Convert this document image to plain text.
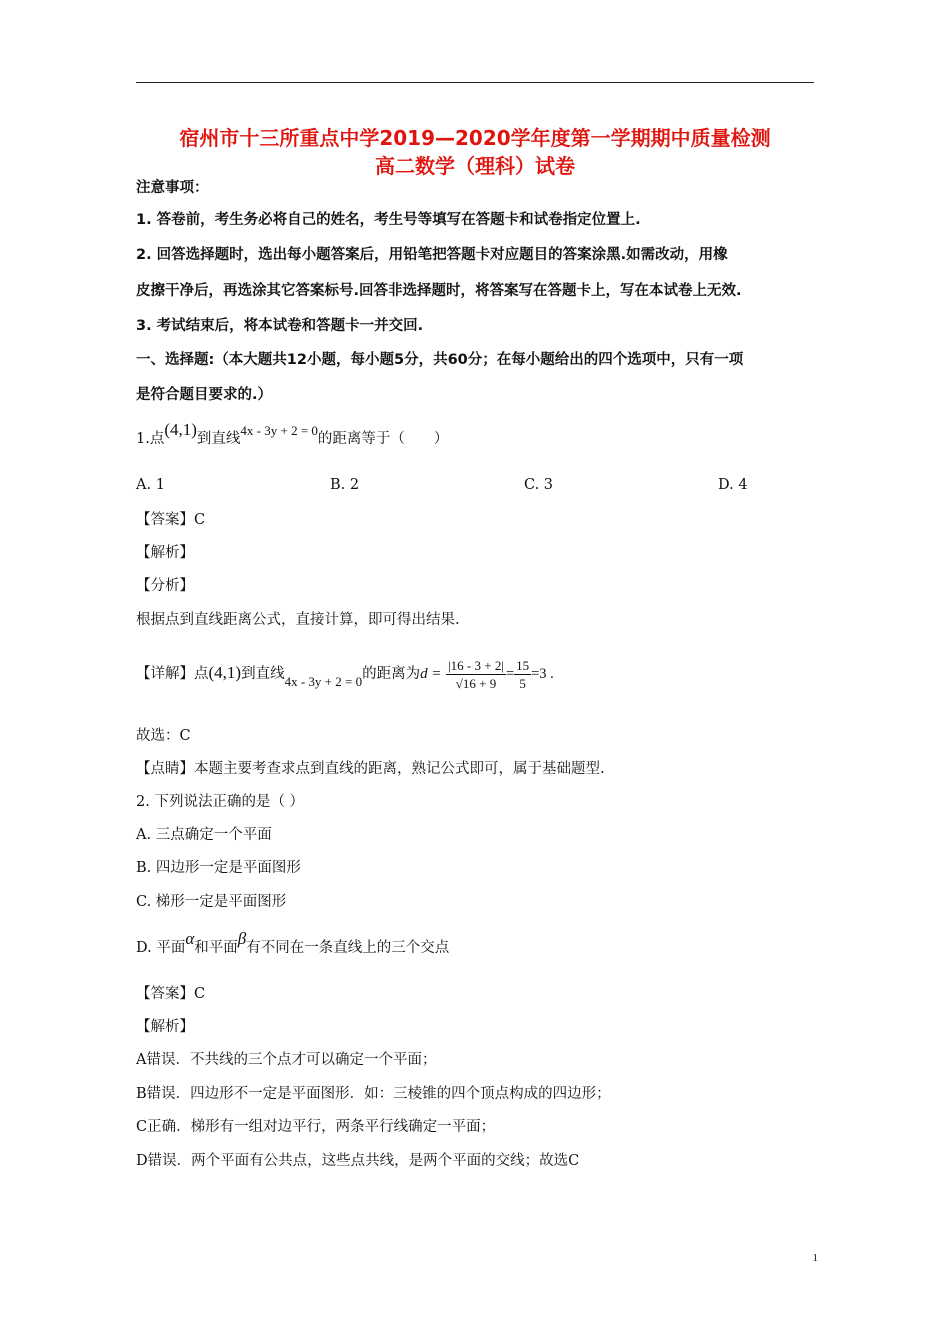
宿州市十三所重点中学2019—2020学年度第一学期期中质量检测
高二数学（理科）试卷
注意事项：
1. 答卷前，考生务必将自己的姓名，考生号等填写在答题卡和试卷指定位置上.
2. 回答选择题时，选出每小题答案后，用铅笔把答题卡对应题目的答案涂黑.如需改动，用橡
皮擦干净后，再选涂其它答案标号.回答非选择题时，将答案写在答题卡上，写在本试卷上无效.
3. 考试结束后，将本试卷和答题卡一并交回.
一、选择题:（本大题共12小题，每小题5分，共60分；在每小题给出的四个选项中，只有一项
是符合题目要求的.）
1.点(4,1)到直线4x - 3y + 2 = 0的距离等于（　　）
A. 1	B. 2	C. 3	D. 4
【答案】C
【解析】
【分析】
根据点到直线距离公式，直接计算，即可得出结果.
【详解】点(4,1)到直线4x - 3y + 2 = 0的距离为$d = \frac{|16 - 3 + 2|}{√16 + 9} = \frac{15}{5} =3$ .
故选：C
【点睛】本题主要考查求点到直线的距离，熟记公式即可，属于基础题型.
2. 下列说法正确的是（ ）
A. 三点确定一个平面
B. 四边形一定是平面图形
C. 梯形一定是平面图形
D. 平面α和平面β有不同在一条直线上的三个交点
【答案】C
【解析】
A错误．不共线的三个点才可以确定一个平面；
B错误．四边形不一定是平面图形．如：三棱锥的四个顶点构成的四边形；
C正确．梯形有一组对边平行，两条平行线确定一平面；
D错误．两个平面有公共点，这些点共线，是两个平面的交线；故选C
1
